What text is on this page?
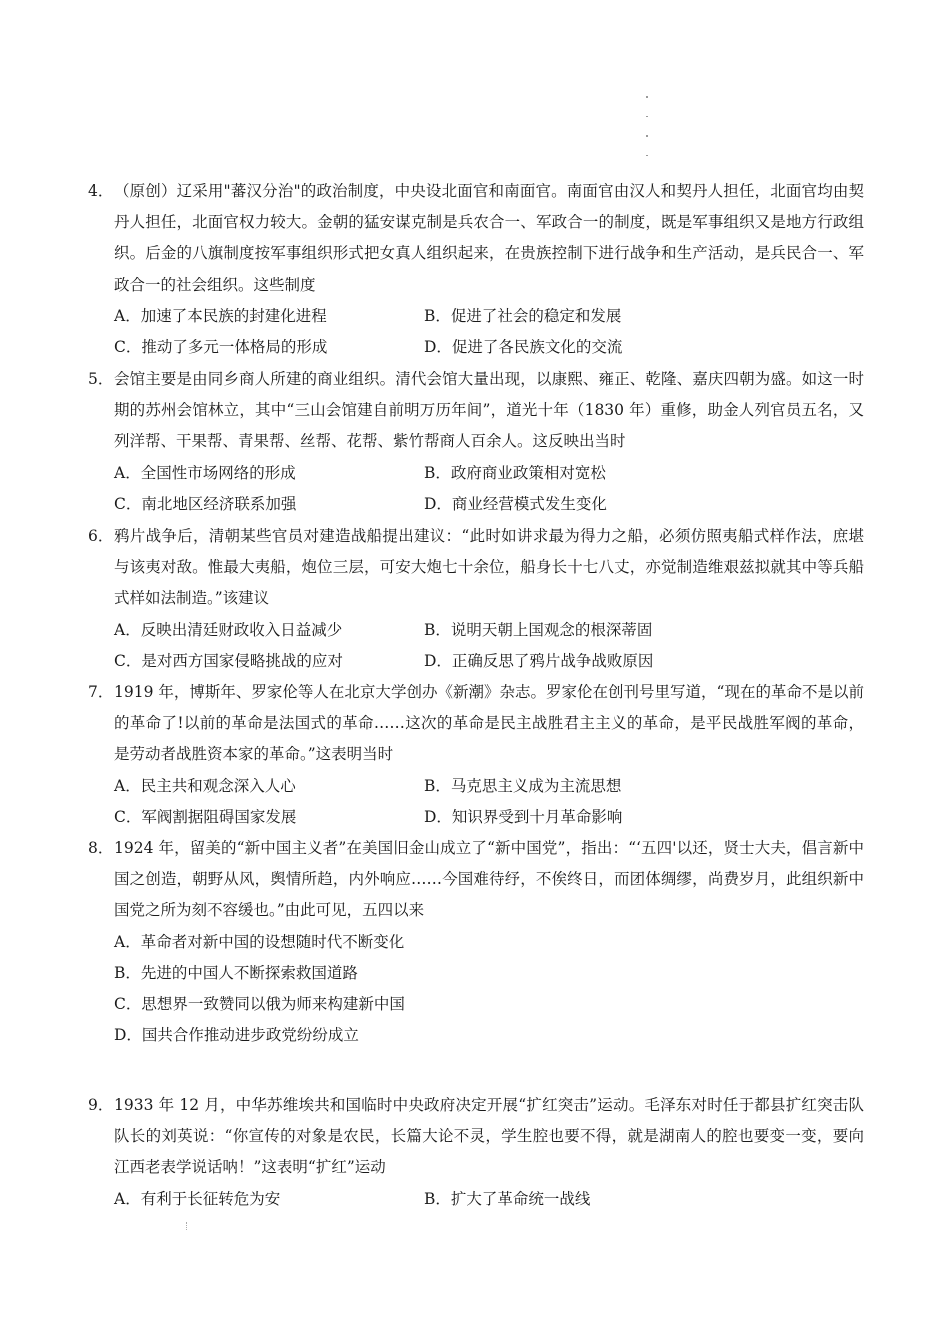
4． （原创）辽采用"蕃汉分治"的政治制度，中央设北面官和南面官。南面官由汉人和契丹人担任，北面官均由契丹人担任，北面官权力较大。金朝的猛安谋克制是兵农合一、军政合一的制度，既是军事组织又是地方行政组织。后金的八旗制度按军事组织形式把女真人组织起来，在贵族控制下进行战争和生产活动，是兵民合一、军政合一的社会组织。这些制度
A．加速了本民族的封建化进程	B．促进了社会的稳定和发展
C．推动了多元一体格局的形成	D．促进了各民族文化的交流
5． 会馆主要是由同乡商人所建的商业组织。清代会馆大量出现，以康熙、雍正、乾隆、嘉庆四朝为盛。如这一时期的苏州会馆林立，其中“三山会馆建自前明万历年间”，道光十年（1830 年）重修，助金人列官员五名，又列洋帮、干果帮、青果帮、丝帮、花帮、紫竹帮商人百余人。这反映出当时
A．全国性市场网络的形成	B．政府商业政策相对宽松
C．南北地区经济联系加强	D．商业经营模式发生变化
6． 鸦片战争后，清朝某些官员对建造战船提出建议：“此时如讲求最为得力之船，必须仿照夷船式样作法，庶堪与该夷对敌。惟最大夷船，炮位三层，可安大炮七十余位，船身长十七八丈，亦觉制造维艰兹拟就其中等兵船式样如法制造。”该建议
A．反映出清廷财政收入日益减少	B．说明天朝上国观念的根深蒂固
C．是对西方国家侵略挑战的应对	D．正确反思了鸦片战争战败原因
7． 1919 年，博斯年、罗家伦等人在北京大学创办《新潮》杂志。罗家伦在创刊号里写道，“现在的革命不是以前的革命了!以前的革命是法国式的革命……这次的革命是民主战胜君主主义的革命，是平民战胜军阀的革命，是劳动者战胜资本家的革命。”这表明当时
A．民主共和观念深入人心	B．马克思主义成为主流思想
C．军阀割据阻碍国家发展	D．知识界受到十月革命影响
8． 1924 年，留美的“新中国主义者”在美国旧金山成立了“新中国党”，指出：“‘五四'以还，贤士大夫，倡言新中国之创造，朝野从风，舆情所趋，内外响应……今国难待纾，不俟终日，而团体绸缪，尚费岁月，此组织新中国党之所为刻不容缓也。”由此可见，五四以来
A．革命者对新中国的设想随时代不断变化
B．先进的中国人不断探索救国道路
C．思想界一致赞同以俄为师来构建新中国
D．国共合作推动进步政党纷纷成立
9． 1933 年 12 月，中华苏维埃共和国临时中央政府决定开展“扩红突击”运动。毛泽东对时任于都县扩红突击队队长的刘英说：“你宣传的对象是农民，长篇大论不灵，学生腔也要不得，就是湖南人的腔也要变一变，要向江西老表学说话呐！”这表明“扩红”运动
A．有利于长征转危为安	B．扩大了革命统一战线
